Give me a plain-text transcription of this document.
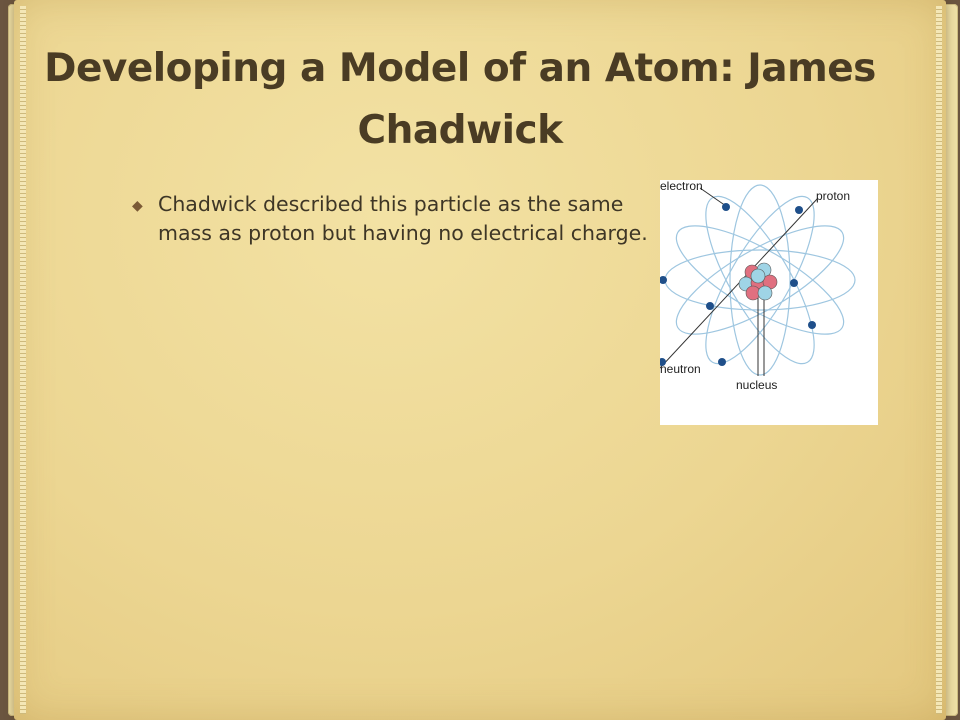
Developing a Model of an Atom: James Chadwick
◆ Chadwick described this particle as the same mass as proton but having no electrical charge.
electron
proton
neutron
nucleus
